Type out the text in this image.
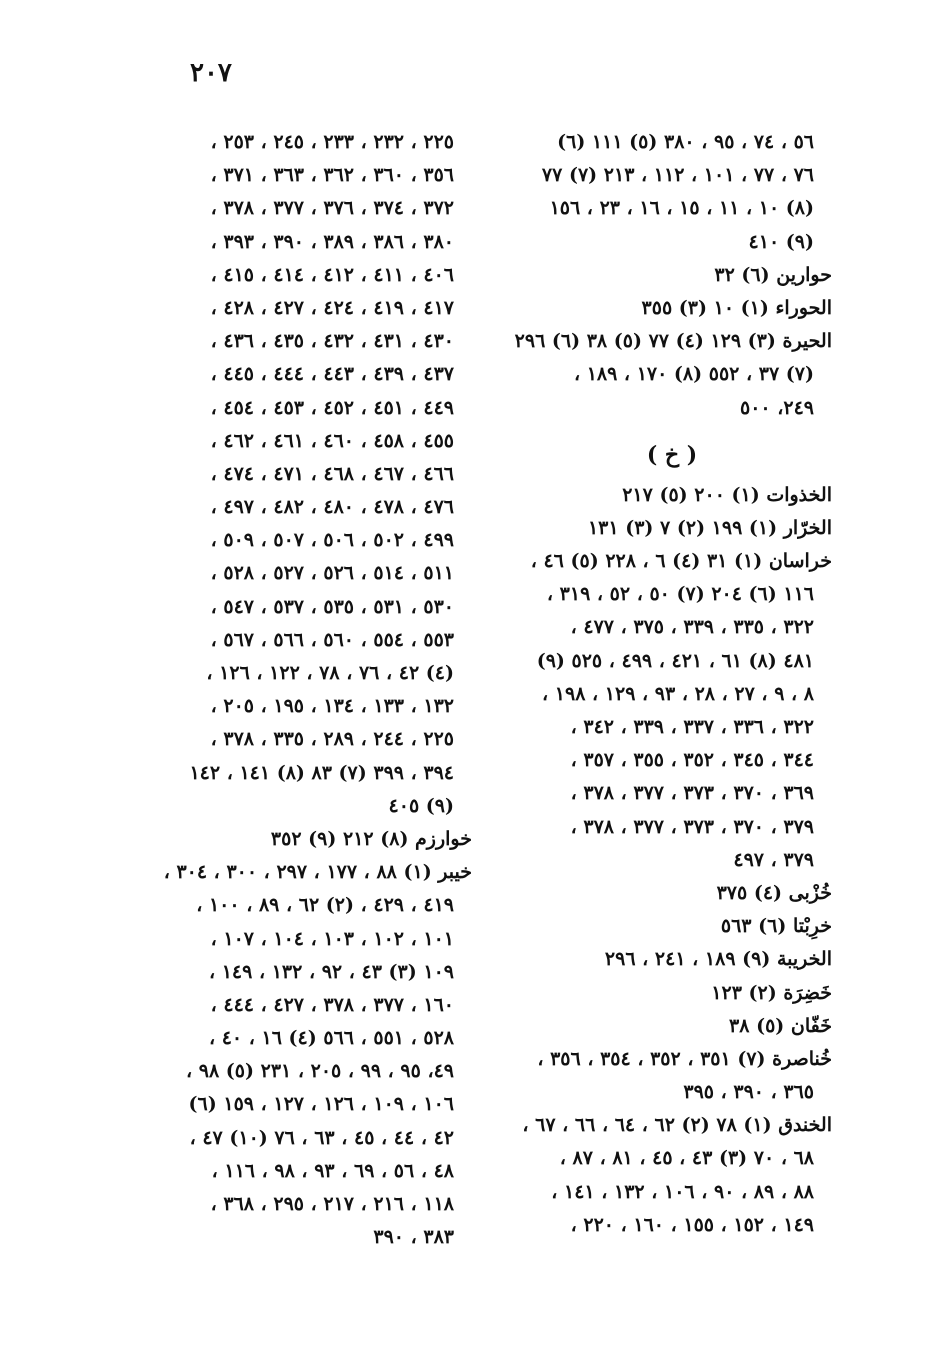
٢٠٧
٥٦ ، ٧٤ ، ٩٥ ، ٣٨٠ (٥) ١١١ (٦)
٧٦ ، ٧٧ ، ١٠١ ، ١١٢ ، ٢١٣ (٧) ٧٧
(٨) ١٠ ، ١١ ، ١٥ ، ١٦ ، ٢٣ ، ١٥٦
(٩) ٤١٠
حوارين (٦) ٣٢
الحوراء (١) ١٠ (٣) ٣٥٥
الحيرة (٣) ١٢٩ (٤) ٧٧ (٥) ٣٨ (٦) ٢٩٦
(٧) ٣٧ ، ٥٥٢ (٨) ١٧٠ ، ١٨٩ ،
٢٤٩، ٥٠٠
( خ )
الخذوات (١) ٢٠٠ (٥) ٢١٧
الخرّار (١) ١٩٩ (٢) ٧ (٣) ١٣١
خراسان (١) ٣١ (٤) ٦ ، ٢٢٨ (٥) ٤٦ ،
١١٦ (٦) ٢٠٤ (٧) ٥٠ ، ٥٢ ، ٣١٩ ،
٣٢٢ ، ٣٣٥ ، ٣٣٩ ، ٣٧٥ ، ٤٧٧ ،
٤٨١ (٨) ٦١ ، ٤٢١ ، ٤٩٩ ، ٥٢٥ (٩)
٨ ، ٩ ، ٢٧ ، ٢٨ ، ٩٣ ، ١٢٩ ، ١٩٨ ،
٣٢٢ ، ٣٣٦ ، ٣٣٧ ، ٣٣٩ ، ٣٤٢ ،
٣٤٤ ، ٣٤٥ ، ٣٥٢ ، ٣٥٥ ، ٣٥٧ ،
٣٦٩ ، ٣٧٠ ، ٣٧٣ ، ٣٧٧ ، ٣٧٨ ،
٣٧٩ ، ٣٧٠ ، ٣٧٣ ، ٣٧٧ ، ٣٧٨ ،
٣٧٩ ، ٤٩٧
خُزْبى (٤) ٣٧٥
خرِبْتا (٦) ٥٦٣
الخريبة (٩) ١٨٩ ، ٢٤١ ، ٢٩٦
خَضِرَة (٢) ١٢٣
خَفّان (٥) ٣٨
خُناصرة (٧) ٣٥١ ، ٣٥٢ ، ٣٥٤ ، ٣٥٦ ،
٣٦٥ ، ٣٩٠ ، ٣٩٥
الخندق (١) ٧٨ (٢) ٦٢ ، ٦٤ ، ٦٦ ، ٦٧ ،
٦٨ ، ٧٠ (٣) ٤٣ ، ٤٥ ، ٨١ ، ٨٧ ،
٨٨ ، ٨٩ ، ٩٠ ، ١٠٦ ، ١٣٢ ، ١٤١ ،
١٤٩ ، ١٥٢ ، ١٥٥ ، ١٦٠ ، ٢٢٠ ،
٢٢٥ ، ٢٣٢ ، ٢٣٣ ، ٢٤٥ ، ٢٥٣ ،
٣٥٦ ، ٣٦٠ ، ٣٦٢ ، ٣٦٣ ، ٣٧١ ،
٣٧٢ ، ٣٧٤ ، ٣٧٦ ، ٣٧٧ ، ٣٧٨ ،
٣٨٠ ، ٣٨٦ ، ٣٨٩ ، ٣٩٠ ، ٣٩٣ ،
٤٠٦ ، ٤١١ ، ٤١٢ ، ٤١٤ ، ٤١٥ ،
٤١٧ ، ٤١٩ ، ٤٢٤ ، ٤٢٧ ، ٤٢٨ ،
٤٣٠ ، ٤٣١ ، ٤٣٢ ، ٤٣٥ ، ٤٣٦ ،
٤٣٧ ، ٤٣٩ ، ٤٤٣ ، ٤٤٤ ، ٤٤٥ ،
٤٤٩ ، ٤٥١ ، ٤٥٢ ، ٤٥٣ ، ٤٥٤ ،
٤٥٥ ، ٤٥٨ ، ٤٦٠ ، ٤٦١ ، ٤٦٢ ،
٤٦٦ ، ٤٦٧ ، ٤٦٨ ، ٤٧١ ، ٤٧٤ ،
٤٧٦ ، ٤٧٨ ، ٤٨٠ ، ٤٨٢ ، ٤٩٧ ،
٤٩٩ ، ٥٠٢ ، ٥٠٦ ، ٥٠٧ ، ٥٠٩ ،
٥١١ ، ٥١٤ ، ٥٢٦ ، ٥٢٧ ، ٥٢٨ ،
٥٣٠ ، ٥٣١ ، ٥٣٥ ، ٥٣٧ ، ٥٤٧ ،
٥٥٣ ، ٥٥٤ ، ٥٦٠ ، ٥٦٦ ، ٥٦٧ ،
(٤) ٤٢ ، ٧٦ ، ٧٨ ، ١٢٢ ، ١٢٦ ،
١٣٢ ، ١٣٣ ، ١٣٤ ، ١٩٥ ، ٢٠٥ ،
٢٢٥ ، ٢٤٤ ، ٢٨٩ ، ٣٣٥ ، ٣٧٨ ،
٣٩٤ ، ٣٩٩ (٧) ٨٣ (٨) ١٤١ ، ١٤٢
(٩) ٤٠٥
خوارزم (٨) ٢١٢ (٩) ٣٥٢
خيبر (١) ٨٨ ، ١٧٧ ، ٢٩٧ ، ٣٠٠ ، ٣٠٤ ،
٤١٩ ، ٤٢٩ ، (٢) ٦٢ ، ٨٩ ، ١٠٠ ،
١٠١ ، ١٠٢ ، ١٠٣ ، ١٠٤ ، ١٠٧ ،
١٠٩ (٣) ٤٣ ، ٩٢ ، ١٣٢ ، ١٤٩ ،
١٦٠ ، ٣٧٧ ، ٣٧٨ ، ٤٢٧ ، ٤٤٤ ،
٥٢٨ ، ٥٥١ ، ٥٦٦ (٤) ١٦ ، ٤٠ ،
٤٩، ٩٥ ، ٩٩ ، ٢٠٥ ، ٢٣١ (٥) ٩٨ ،
١٠٦ ، ١٠٩ ، ١٢٦ ، ١٢٧ ، ١٥٩ (٦)
٤٢ ، ٤٤ ، ٤٥ ، ٦٣ ، ٧٦ (١٠) ٤٧ ،
٤٨ ، ٥٦ ، ٦٩ ، ٩٣ ، ٩٨ ، ١١٦ ،
١١٨ ، ٢١٦ ، ٢١٧ ، ٢٩٥ ، ٣٦٨ ،
٣٨٣ ، ٣٩٠
